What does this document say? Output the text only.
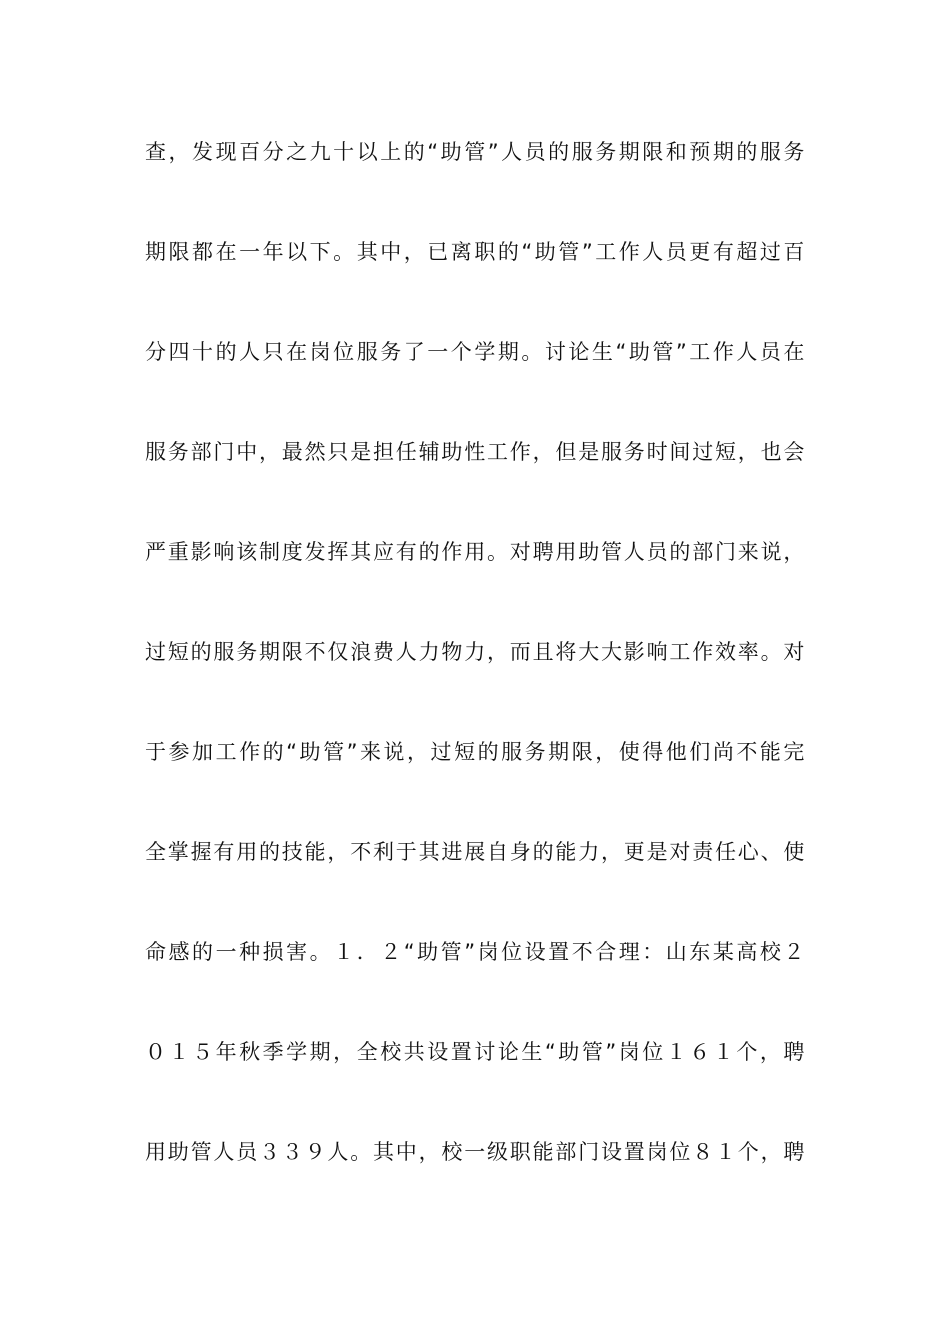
查，发现百分之九十以上的“助管”人员的服务期限和预期的服务
期限都在一年以下。其中，已离职的“助管”工作人员更有超过百
分四十的人只在岗位服务了一个学期。讨论生“助管”工作人员在
服务部门中，最然只是担任辅助性工作，但是服务时间过短，也会
严重影响该制度发挥其应有的作用。对聘用助管人员的部门来说，
过短的服务期限不仅浪费人力物力，而且将大大影响工作效率。对
于参加工作的“助管”来说，过短的服务期限，使得他们尚不能完
全掌握有用的技能，不利于其进展自身的能力，更是对责任心、使
命感的一种损害。１．２“助管”岗位设置不合理：山东某高校２
０１５年秋季学期，全校共设置讨论生“助管”岗位１６１个，聘
用助管人员３３９人。其中，校一级职能部门设置岗位８１个，聘
